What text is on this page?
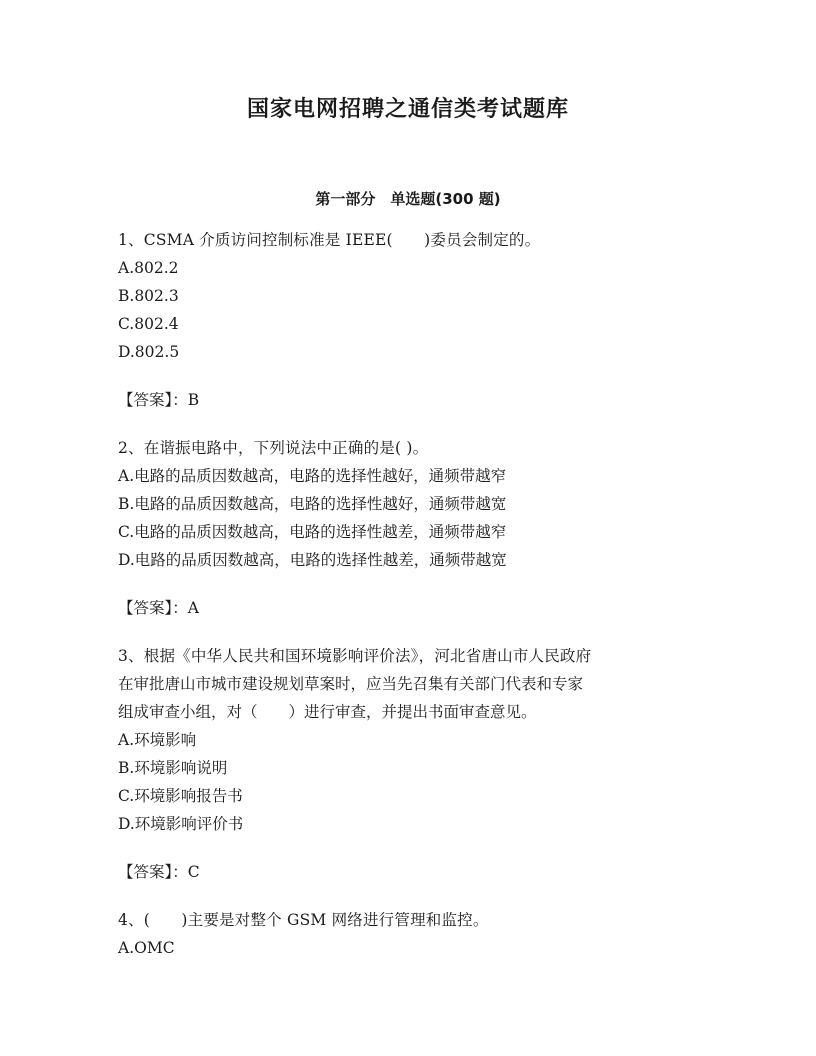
国家电网招聘之通信类考试题库
第一部分　单选题(300 题)

1、CSMA 介质访问控制标准是 IEEE(　　)委员会制定的。

A.802.2

B.802.3

C.802.4

D.802.5

【答案】：B

2、在谐振电路中，下列说法中正确的是( )。

A.电路的品质因数越高，电路的选择性越好，通频带越窄

B.电路的品质因数越高，电路的选择性越好，通频带越宽

C.电路的品质因数越高，电路的选择性越差，通频带越窄

D.电路的品质因数越高，电路的选择性越差，通频带越宽

【答案】：A

3、根据《中华人民共和国环境影响评价法》，河北省唐山市人民政府

在审批唐山市城市建设规划草案时，应当先召集有关部门代表和专家

组成审查小组，对（　　）进行审查，并提出书面审查意见。

A.环境影响

B.环境影响说明

C.环境影响报告书

D.环境影响评价书

【答案】：C

4、(　　)主要是对整个 GSM 网络进行管理和监控。

A.OMC
